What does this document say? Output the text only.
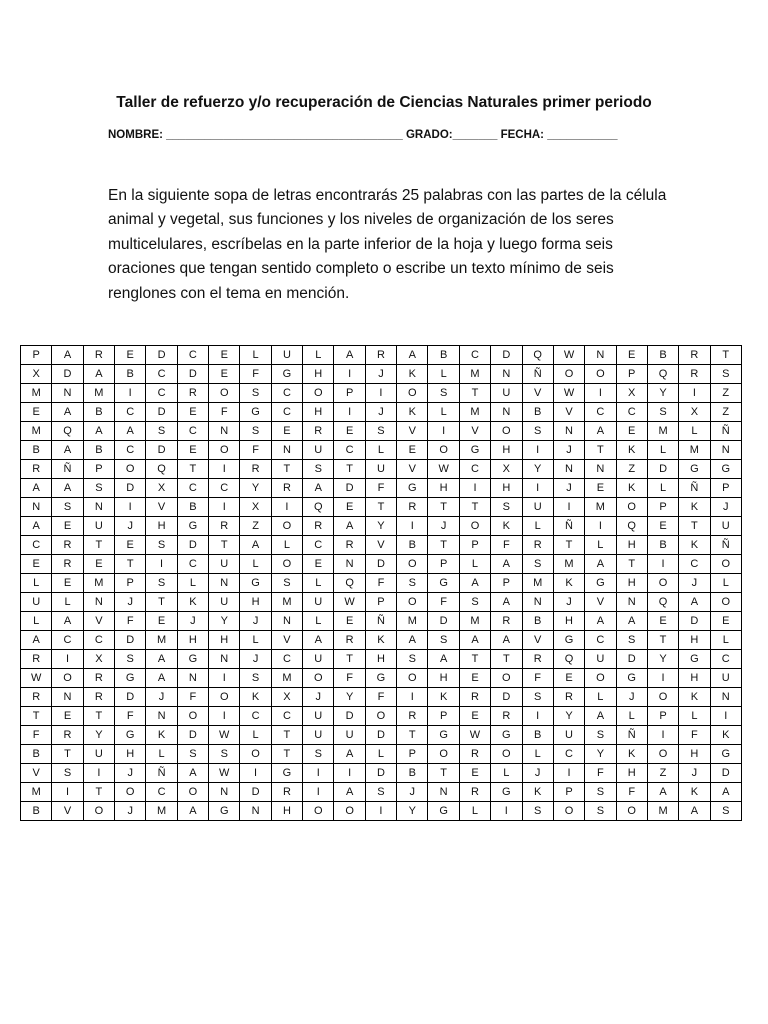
Taller de refuerzo y/o recuperación de Ciencias Naturales primer periodo
NOMBRE: _____________________________________ GRADO:_______ FECHA: ___________
En la siguiente sopa de letras encontrarás 25 palabras con las partes de la célula animal y vegetal, sus funciones y los niveles de organización de los seres multicelulares, escríbelas en la parte inferior de la hoja y luego forma seis oraciones que tengan sentido completo o escribe un texto mínimo de seis renglones con el tema en mención.
P	A	R	E	D	C	E	L	U	L	A	R	A	B	C	D	Q	W	N	E	B	R	T
X	D	A	B	C	D	E	F	G	H	I	J	K	L	M	N	Ñ	O	O	P	Q	R	S
M	N	M	I	C	R	O	S	C	O	P	I	O	S	T	U	V	W	I	X	Y	I	Z
E	A	B	C	D	E	F	G	C	H	I	J	K	L	M	N	B	V	C	C	S	X	Z
M	Q	A	A	S	C	N	S	E	R	E	S	V	I	V	O	S	N	A	E	M	L	Ñ
B	A	B	C	D	E	O	F	N	U	C	L	E	O	G	H	I	J	T	K	L	M	N
R	Ñ	P	O	Q	T	I	R	T	S	T	U	V	W	C	X	Y	N	N	Z	D	G	G
A	A	S	D	X	C	C	Y	R	A	D	F	G	H	I	H	I	J	E	K	L	Ñ	P
N	S	N	I	V	B	I	X	I	Q	E	T	R	T	T	S	U	I	M	O	P	K	J
A	E	U	J	H	G	R	Z	O	R	A	Y	I	J	O	K	L	Ñ	I	Q	E	T	U
C	R	T	E	S	D	T	A	L	C	R	V	B	T	P	F	R	T	L	H	B	K	Ñ
E	R	E	T	I	C	U	L	O	E	N	D	O	P	L	A	S	M	A	T	I	C	O
L	E	M	P	S	L	N	G	S	L	Q	F	S	G	A	P	M	K	G	H	O	J	L
U	L	N	J	T	K	U	H	M	U	W	P	O	F	S	A	N	J	V	N	Q	A	O
L	A	V	F	E	J	Y	J	N	L	E	Ñ	M	D	M	R	B	H	A	A	E	D	E
A	C	C	D	M	H	H	L	V	A	R	K	A	S	A	A	V	G	C	S	T	H	L
R	I	X	S	A	G	N	J	C	U	T	H	S	A	T	T	R	Q	U	D	Y	G	C
W	O	R	G	A	N	I	S	M	O	F	G	O	H	E	O	F	E	O	G	I	H	U
R	N	R	D	J	F	O	K	X	J	Y	F	I	K	R	D	S	R	L	J	O	K	N
T	E	T	F	N	O	I	C	C	U	D	O	R	P	E	R	I	Y	A	L	P	L	I
F	R	Y	G	K	D	W	L	T	U	U	D	T	G	W	G	B	U	S	Ñ	I	F	K
B	T	U	H	L	S	S	O	T	S	A	L	P	O	R	O	L	C	Y	K	O	H	G
V	S	I	J	Ñ	A	W	I	G	I	I	D	B	T	E	L	J	I	F	H	Z	J	D
M	I	T	O	C	O	N	D	R	I	A	S	J	N	R	G	K	P	S	F	A	K	A
B	V	O	J	M	A	G	N	H	O	O	I	Y	G	L	I	S	O	S	O	M	A	S
